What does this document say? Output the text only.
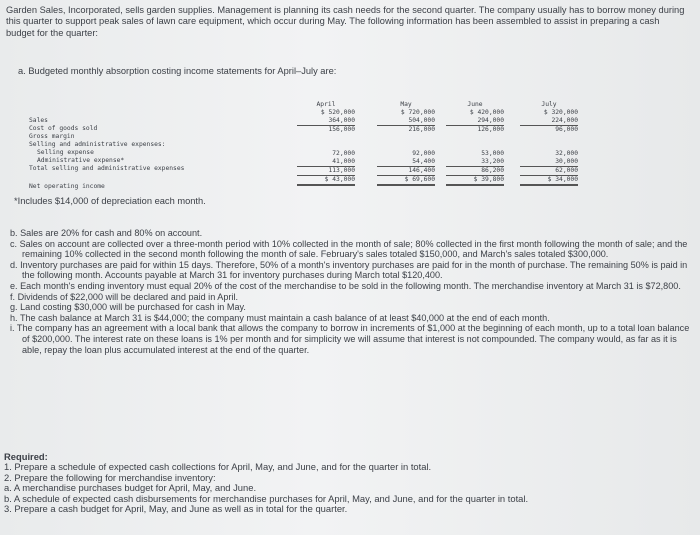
Garden Sales, Incorporated, sells garden supplies. Management is planning its cash needs for the second quarter. The company usually has to borrow money during this quarter to support peak sales of lawn care equipment, which occur during May. The following information has been assembled to assist in preparing a cash budget for the quarter:

a. Budgeted monthly absorption costing income statements for April–July are:

Sales
Cost of goods sold
Gross margin
Selling and administrative expenses:
Selling expense
Administrative expense*
Total selling and administrative expenses
Net operating income
April
$ 520,000
364,000
156,000
72,000
41,000
113,000
$ 43,000
May
$ 720,000
504,000
216,000
92,000
54,400
146,400
$ 69,600
June
$ 420,000
294,000
126,000
53,000
33,200
86,200
$ 39,800
July
$ 320,000
224,000
96,000
32,000
30,000
62,000
$ 34,000

*Includes $14,000 of depreciation each month.

b. Sales are 20% for cash and 80% on account.
c. Sales on account are collected over a three-month period with 10% collected in the month of sale; 80% collected in the first month following the month of sale; and the remaining 10% collected in the second month following the month of sale. February's sales totaled $150,000, and March's sales totaled $300,000.
d. Inventory purchases are paid for within 15 days. Therefore, 50% of a month's inventory purchases are paid for in the month of purchase. The remaining 50% is paid in the following month. Accounts payable at March 31 for inventory purchases during March total $120,400.
e. Each month's ending inventory must equal 20% of the cost of the merchandise to be sold in the following month. The merchandise inventory at March 31 is $72,800.
f. Dividends of $22,000 will be declared and paid in April.
g. Land costing $30,000 will be purchased for cash in May.
h. The cash balance at March 31 is $44,000; the company must maintain a cash balance of at least $40,000 at the end of each month.
i. The company has an agreement with a local bank that allows the company to borrow in increments of $1,000 at the beginning of each month, up to a total loan balance of $200,000. The interest rate on these loans is 1% per month and for simplicity we will assume that interest is not compounded. The company would, as far as it is able, repay the loan plus accumulated interest at the end of the quarter.
Required:
1. Prepare a schedule of expected cash collections for April, May, and June, and for the quarter in total.
2. Prepare the following for merchandise inventory:
a. A merchandise purchases budget for April, May, and June.
b. A schedule of expected cash disbursements for merchandise purchases for April, May, and June, and for the quarter in total.
3. Prepare a cash budget for April, May, and June as well as in total for the quarter.
